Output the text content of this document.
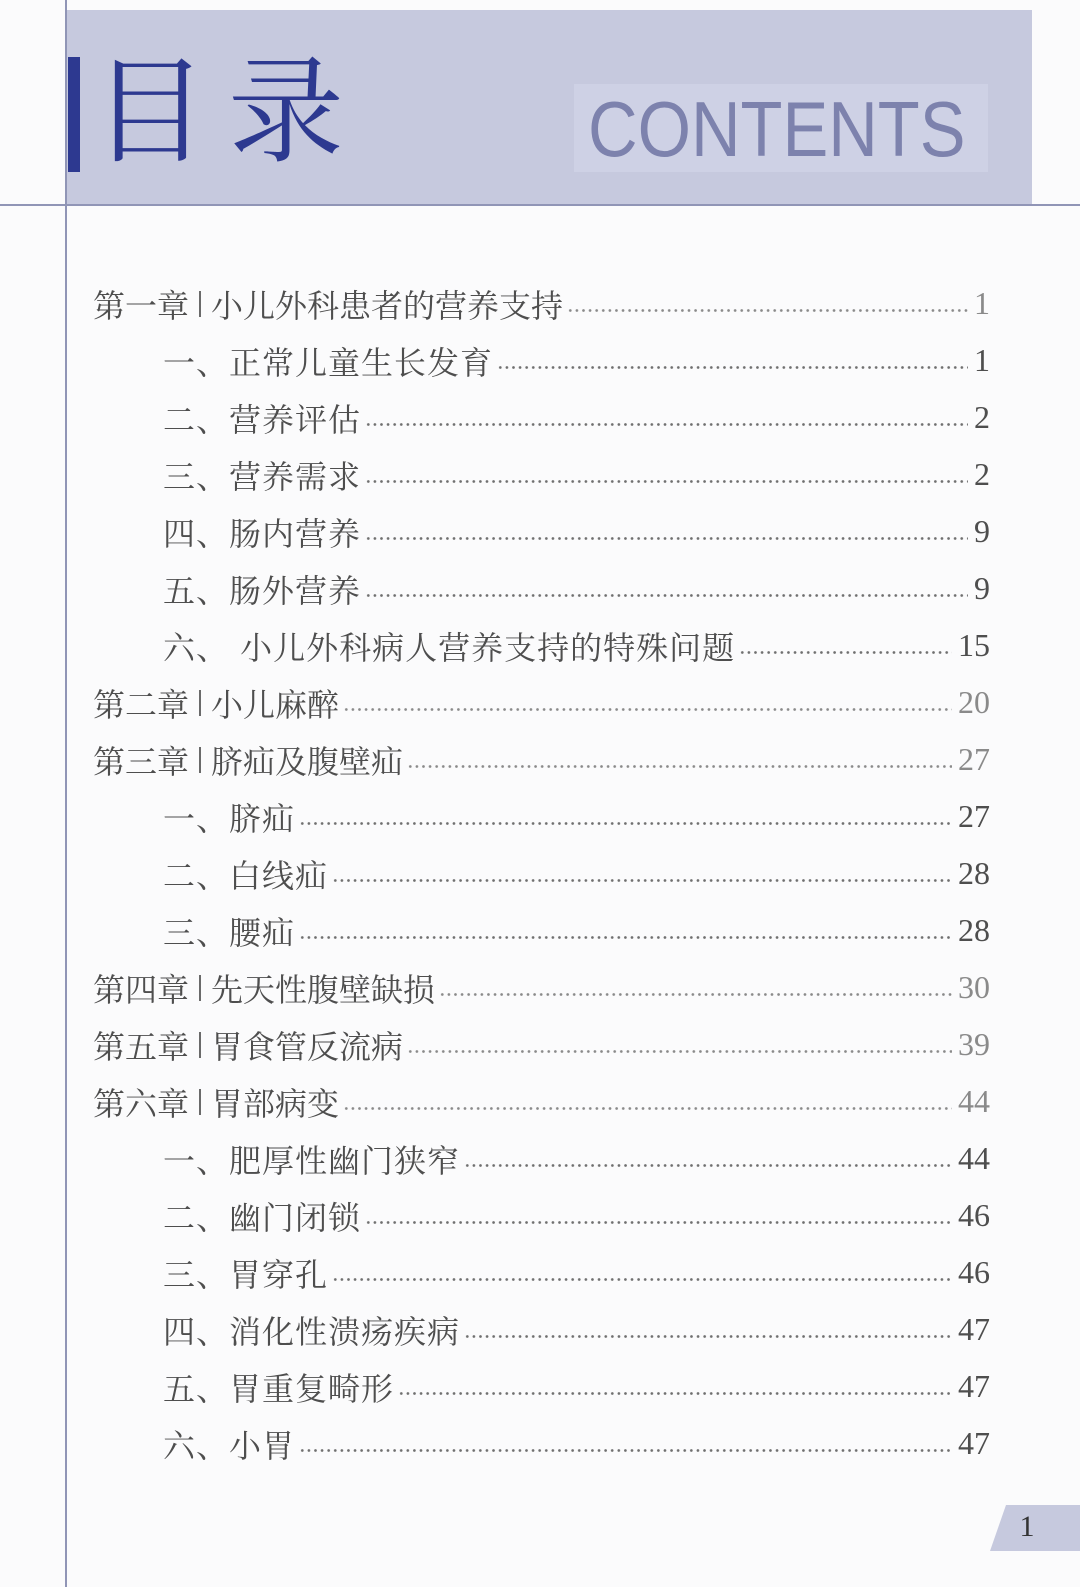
目录	CONTENTS
第一章 小儿外科患者的营养支持	1
一、正常儿童生长发育	1
二、营养评估	2
三、营养需求	2
四、肠内营养	9
五、肠外营养	9
六、 小儿外科病人营养支持的特殊问题	15
第二章 小儿麻醉	20
第三章 脐疝及腹壁疝	27
一、脐疝	27
二、白线疝	28
三、腰疝	28
第四章 先天性腹壁缺损	30
第五章 胃食管反流病	39
第六章 胃部病变	44
一、肥厚性幽门狭窄	44
二、幽门闭锁	46
三、胃穿孔	46
四、消化性溃疡疾病	47
五、胃重复畸形	47
六、小胃	47
1
